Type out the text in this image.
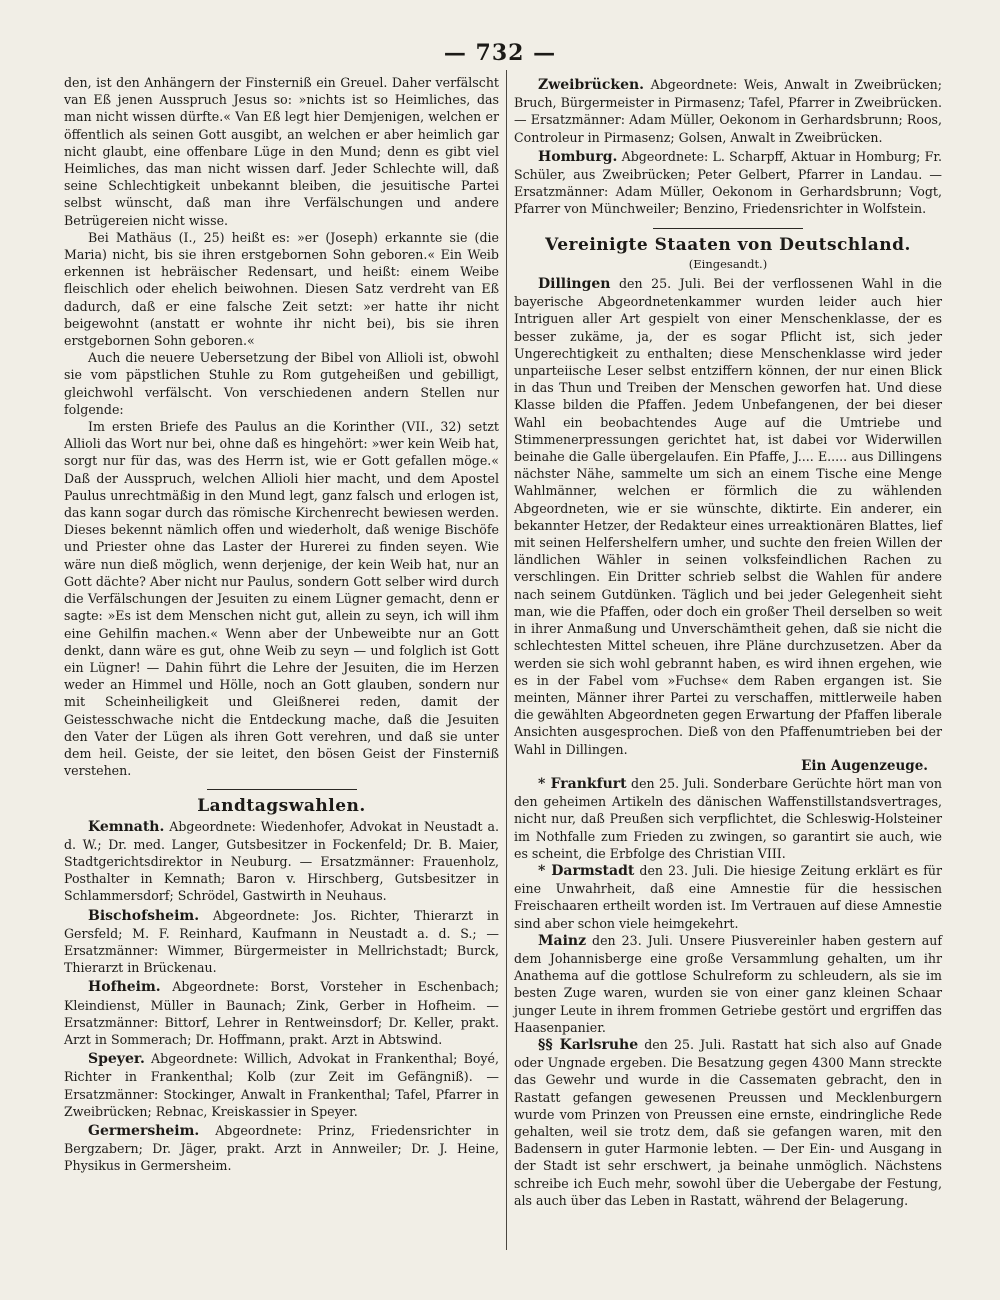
— 732 —

den, ist den Anhängern der Finsterniß ein Greuel. Daher verfälscht van Eß jenen Ausspruch Jesus so: »nichts ist so Heimliches, das man nicht wissen dürfte.« Van Eß legt hier Demjenigen, welchen er öffentlich als seinen Gott ausgibt, an welchen er aber heimlich gar nicht glaubt, eine offenbare Lüge in den Mund; denn es gibt viel Heimliches, das man nicht wissen darf. Jeder Schlechte will, daß seine Schlechtigkeit unbekannt bleiben, die jesuitische Partei selbst wünscht, daß man ihre Verfälschungen und andere Betrügereien nicht wisse.

Bei Mathäus (I., 25) heißt es: »er (Joseph) erkannte sie (die Maria) nicht, bis sie ihren erstgebornen Sohn geboren.« Ein Weib erkennen ist hebräischer Redensart, und heißt: einem Weibe fleischlich oder ehelich beiwohnen. Diesen Satz verdreht van Eß dadurch, daß er eine falsche Zeit setzt: »er hatte ihr nicht beigewohnt (anstatt er wohnte ihr nicht bei), bis sie ihren erstgebornen Sohn geboren.«

Auch die neuere Uebersetzung der Bibel von Allioli ist, obwohl sie vom päpstlichen Stuhle zu Rom gutgeheißen und gebilligt, gleichwohl verfälscht. Von verschiedenen andern Stellen nur folgende:

Im ersten Briefe des Paulus an die Korinther (VII., 32) setzt Allioli das Wort nur bei, ohne daß es hingehört: »wer kein Weib hat, sorgt nur für das, was des Herrn ist, wie er Gott gefallen möge.« Daß der Ausspruch, welchen Allioli hier macht, und dem Apostel Paulus unrechtmäßig in den Mund legt, ganz falsch und erlogen ist, das kann sogar durch das römische Kirchenrecht bewiesen werden. Dieses bekennt nämlich offen und wiederholt, daß wenige Bischöfe und Priester ohne das Laster der Hurerei zu finden seyen. Wie wäre nun dieß möglich, wenn derjenige, der kein Weib hat, nur an Gott dächte? Aber nicht nur Paulus, sondern Gott selber wird durch die Verfälschungen der Jesuiten zu einem Lügner gemacht, denn er sagte: »Es ist dem Menschen nicht gut, allein zu seyn, ich will ihm eine Gehilfin machen.« Wenn aber der Unbeweibte nur an Gott denkt, dann wäre es gut, ohne Weib zu seyn — und folglich ist Gott ein Lügner! — Dahin führt die Lehre der Jesuiten, die im Herzen weder an Himmel und Hölle, noch an Gott glauben, sondern nur mit Scheinheiligkeit und Gleißnerei reden, damit der Geistesschwache nicht die Entdeckung mache, daß die Jesuiten den Vater der Lügen als ihren Gott verehren, und daß sie unter dem heil. Geiste, der sie leitet, den bösen Geist der Finsterniß verstehen.

Landtagswahlen.

Kemnath. Abgeordnete: Wiedenhofer, Advokat in Neustadt a. d. W.; Dr. med. Langer, Gutsbesitzer in Fockenfeld; Dr. B. Maier, Stadtgerichtsdirektor in Neuburg. — Ersatzmänner: Frauenholz, Posthalter in Kemnath; Baron v. Hirschberg, Gutsbesitzer in Schlammersdorf; Schrödel, Gastwirth in Neuhaus.

Bischofsheim. Abgeordnete: Jos. Richter, Thierarzt in Gersfeld; M. F. Reinhard, Kaufmann in Neustadt a. d. S.; — Ersatzmänner: Wimmer, Bürgermeister in Mellrichstadt; Burck, Thierarzt in Brückenau.

Hofheim. Abgeordnete: Borst, Vorsteher in Eschenbach; Kleindienst, Müller in Baunach; Zink, Gerber in Hofheim. — Ersatzmänner: Bittorf, Lehrer in Rentweinsdorf; Dr. Keller, prakt. Arzt in Sommerach; Dr. Hoffmann, prakt. Arzt in Abtswind.

Speyer. Abgeordnete: Willich, Advokat in Frankenthal; Boyé, Richter in Frankenthal; Kolb (zur Zeit im Gefängniß). — Ersatzmänner: Stockinger, Anwalt in Frankenthal; Tafel, Pfarrer in Zweibrücken; Rebnac, Kreiskassier in Speyer.

Germersheim. Abgeordnete: Prinz, Friedensrichter in Bergzabern; Dr. Jäger, prakt. Arzt in Annweiler; Dr. J. Heine, Physikus in Germersheim.

Zweibrücken. Abgeordnete: Weis, Anwalt in Zweibrücken; Bruch, Bürgermeister in Pirmasenz; Tafel, Pfarrer in Zweibrücken. — Ersatzmänner: Adam Müller, Oekonom in Gerhardsbrunn; Roos, Controleur in Pirmasenz; Golsen, Anwalt in Zweibrücken.

Homburg. Abgeordnete: L. Scharpff, Aktuar in Homburg; Fr. Schüler, aus Zweibrücken; Peter Gelbert, Pfarrer in Landau. — Ersatzmänner: Adam Müller, Oekonom in Gerhardsbrunn; Vogt, Pfarrer von Münchweiler; Benzino, Friedensrichter in Wolfstein.

Vereinigte Staaten von Deutschland.
(Eingesandt.)

Dillingen den 25. Juli. Bei der verflossenen Wahl in die bayerische Abgeordnetenkammer wurden leider auch hier Intriguen aller Art gespielt von einer Menschenklasse, der es besser zukäme, ja, der es sogar Pflicht ist, sich jeder Ungerechtigkeit zu enthalten; diese Menschenklasse wird jeder unparteiische Leser selbst entziffern können, der nur einen Blick in das Thun und Treiben der Menschen geworfen hat. Und diese Klasse bilden die Pfaffen. Jedem Unbefangenen, der bei dieser Wahl ein beobachtendes Auge auf die Umtriebe und Stimmenerpressungen gerichtet hat, ist dabei vor Widerwillen beinahe die Galle übergelaufen. Ein Pfaffe, J.... E..... aus Dillingens nächster Nähe, sammelte um sich an einem Tische eine Menge Wahlmänner, welchen er förmlich die zu wählenden Abgeordneten, wie er sie wünschte, diktirte. Ein anderer, ein bekannter Hetzer, der Redakteur eines urreaktionären Blattes, lief mit seinen Helfershelfern umher, und suchte den freien Willen der ländlichen Wähler in seinen volksfeindlichen Rachen zu verschlingen. Ein Dritter schrieb selbst die Wahlen für andere nach seinem Gutdünken. Täglich und bei jeder Gelegenheit sieht man, wie die Pfaffen, oder doch ein großer Theil derselben so weit in ihrer Anmaßung und Unverschämtheit gehen, daß sie nicht die schlechtesten Mittel scheuen, ihre Pläne durchzusetzen. Aber da werden sie sich wohl gebrannt haben, es wird ihnen ergehen, wie es in der Fabel vom »Fuchse« dem Raben ergangen ist. Sie meinten, Männer ihrer Partei zu verschaffen, mittlerweile haben die gewählten Abgeordneten gegen Erwartung der Pfaffen liberale Ansichten ausgesprochen. Dieß von den Pfaffenumtrieben bei der Wahl in Dillingen.

Ein Augenzeuge.

* Frankfurt den 25. Juli. Sonderbare Gerüchte hört man von den geheimen Artikeln des dänischen Waffenstillstandsvertrages, nicht nur, daß Preußen sich verpflichtet, die Schleswig-Holsteiner im Nothfalle zum Frieden zu zwingen, so garantirt sie auch, wie es scheint, die Erbfolge des Christian VIII.

* Darmstadt den 23. Juli. Die hiesige Zeitung erklärt es für eine Unwahrheit, daß eine Amnestie für die hessischen Freischaaren ertheilt worden ist. Im Vertrauen auf diese Amnestie sind aber schon viele heimgekehrt.

Mainz den 23. Juli. Unsere Piusvereinler haben gestern auf dem Johannisberge eine große Versammlung gehalten, um ihr Anathema auf die gottlose Schulreform zu schleudern, als sie im besten Zuge waren, wurden sie von einer ganz kleinen Schaar junger Leute in ihrem frommen Getriebe gestört und ergriffen das Haasenpanier.

§§ Karlsruhe den 25. Juli. Rastatt hat sich also auf Gnade oder Ungnade ergeben. Die Besatzung gegen 4300 Mann streckte das Gewehr und wurde in die Cassematen gebracht, den in Rastatt gefangen gewesenen Preussen und Mecklenburgern wurde vom Prinzen von Preussen eine ernste, eindringliche Rede gehalten, weil sie trotz dem, daß sie gefangen waren, mit den Badensern in guter Harmonie lebten. — Der Ein- und Ausgang in der Stadt ist sehr erschwert, ja beinahe unmöglich. Nächstens schreibe ich Euch mehr, sowohl über die Uebergabe der Festung, als auch über das Leben in Rastatt, während der Belagerung.
